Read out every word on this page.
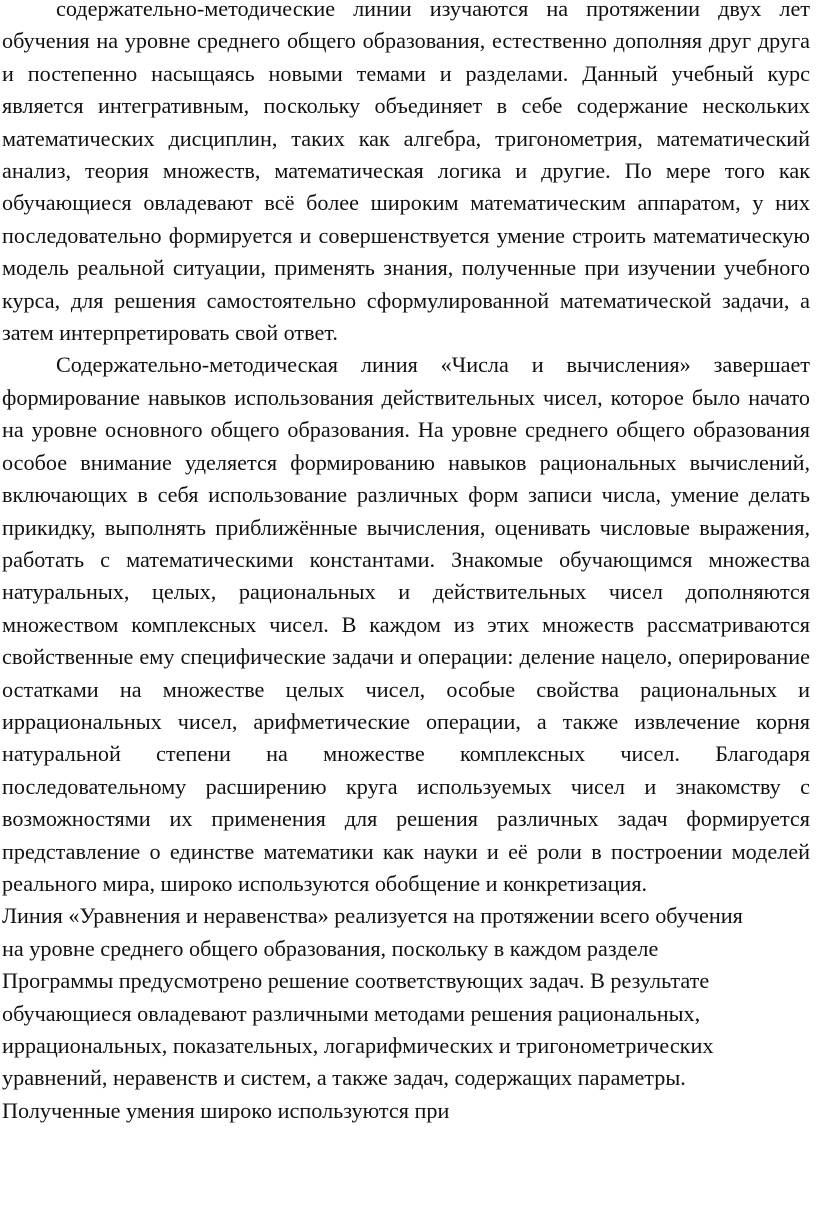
содержательно-методические линии изучаются на протяжении двух лет обучения на уровне среднего общего образования, естественно дополняя друг друга и постепенно насыщаясь новыми темами и разделами. Данный учебный курс является интегративным, поскольку объединяет в себе содержание нескольких математических дисциплин, таких как алгебра, тригонометрия, математический анализ, теория множеств, математическая логика и другие. По мере того как обучающиеся овладевают всё более широким математическим аппаратом, у них последовательно формируется и совершенствуется умение строить математическую модель реальной ситуации, применять знания, полученные при изучении учебного курса, для решения самостоятельно сформулированной математической задачи, а затем интерпретировать свой ответ.

Содержательно-методическая линия «Числа и вычисления» завершает формирование навыков использования действительных чисел, которое было начато на уровне основного общего образования. На уровне среднего общего образования особое внимание уделяется формированию навыков рациональных вычислений, включающих в себя использование различных форм записи числа, умение делать прикидку, выполнять приближённые вычисления, оценивать числовые выражения, работать с математическими константами. Знакомые обучающимся множества натуральных, целых, рациональных и действительных чисел дополняются множеством комплексных чисел. В каждом из этих множеств рассматриваются свойственные ему специфические задачи и операции: деление нацело, оперирование остатками на множестве целых чисел, особые свойства рациональных и иррациональных чисел, арифметические операции, а также извлечение корня натуральной степени на множестве комплексных чисел. Благодаря последовательному расширению круга используемых чисел и знакомству с возможностями их применения для решения различных задач формируется представление о единстве математики как науки и её роли в построении моделей реального мира, широко используются обобщение и конкретизация.

Линия «Уравнения и неравенства» реализуется на протяжении всего обучения на уровне среднего общего образования, поскольку в каждом разделе Программы предусмотрено решение соответствующих задач. В результате обучающиеся овладевают различными методами решения рациональных, иррациональных, показательных, логарифмических и тригонометрических уравнений, неравенств и систем, а также задач, содержащих параметры. Полученные умения широко используются при
